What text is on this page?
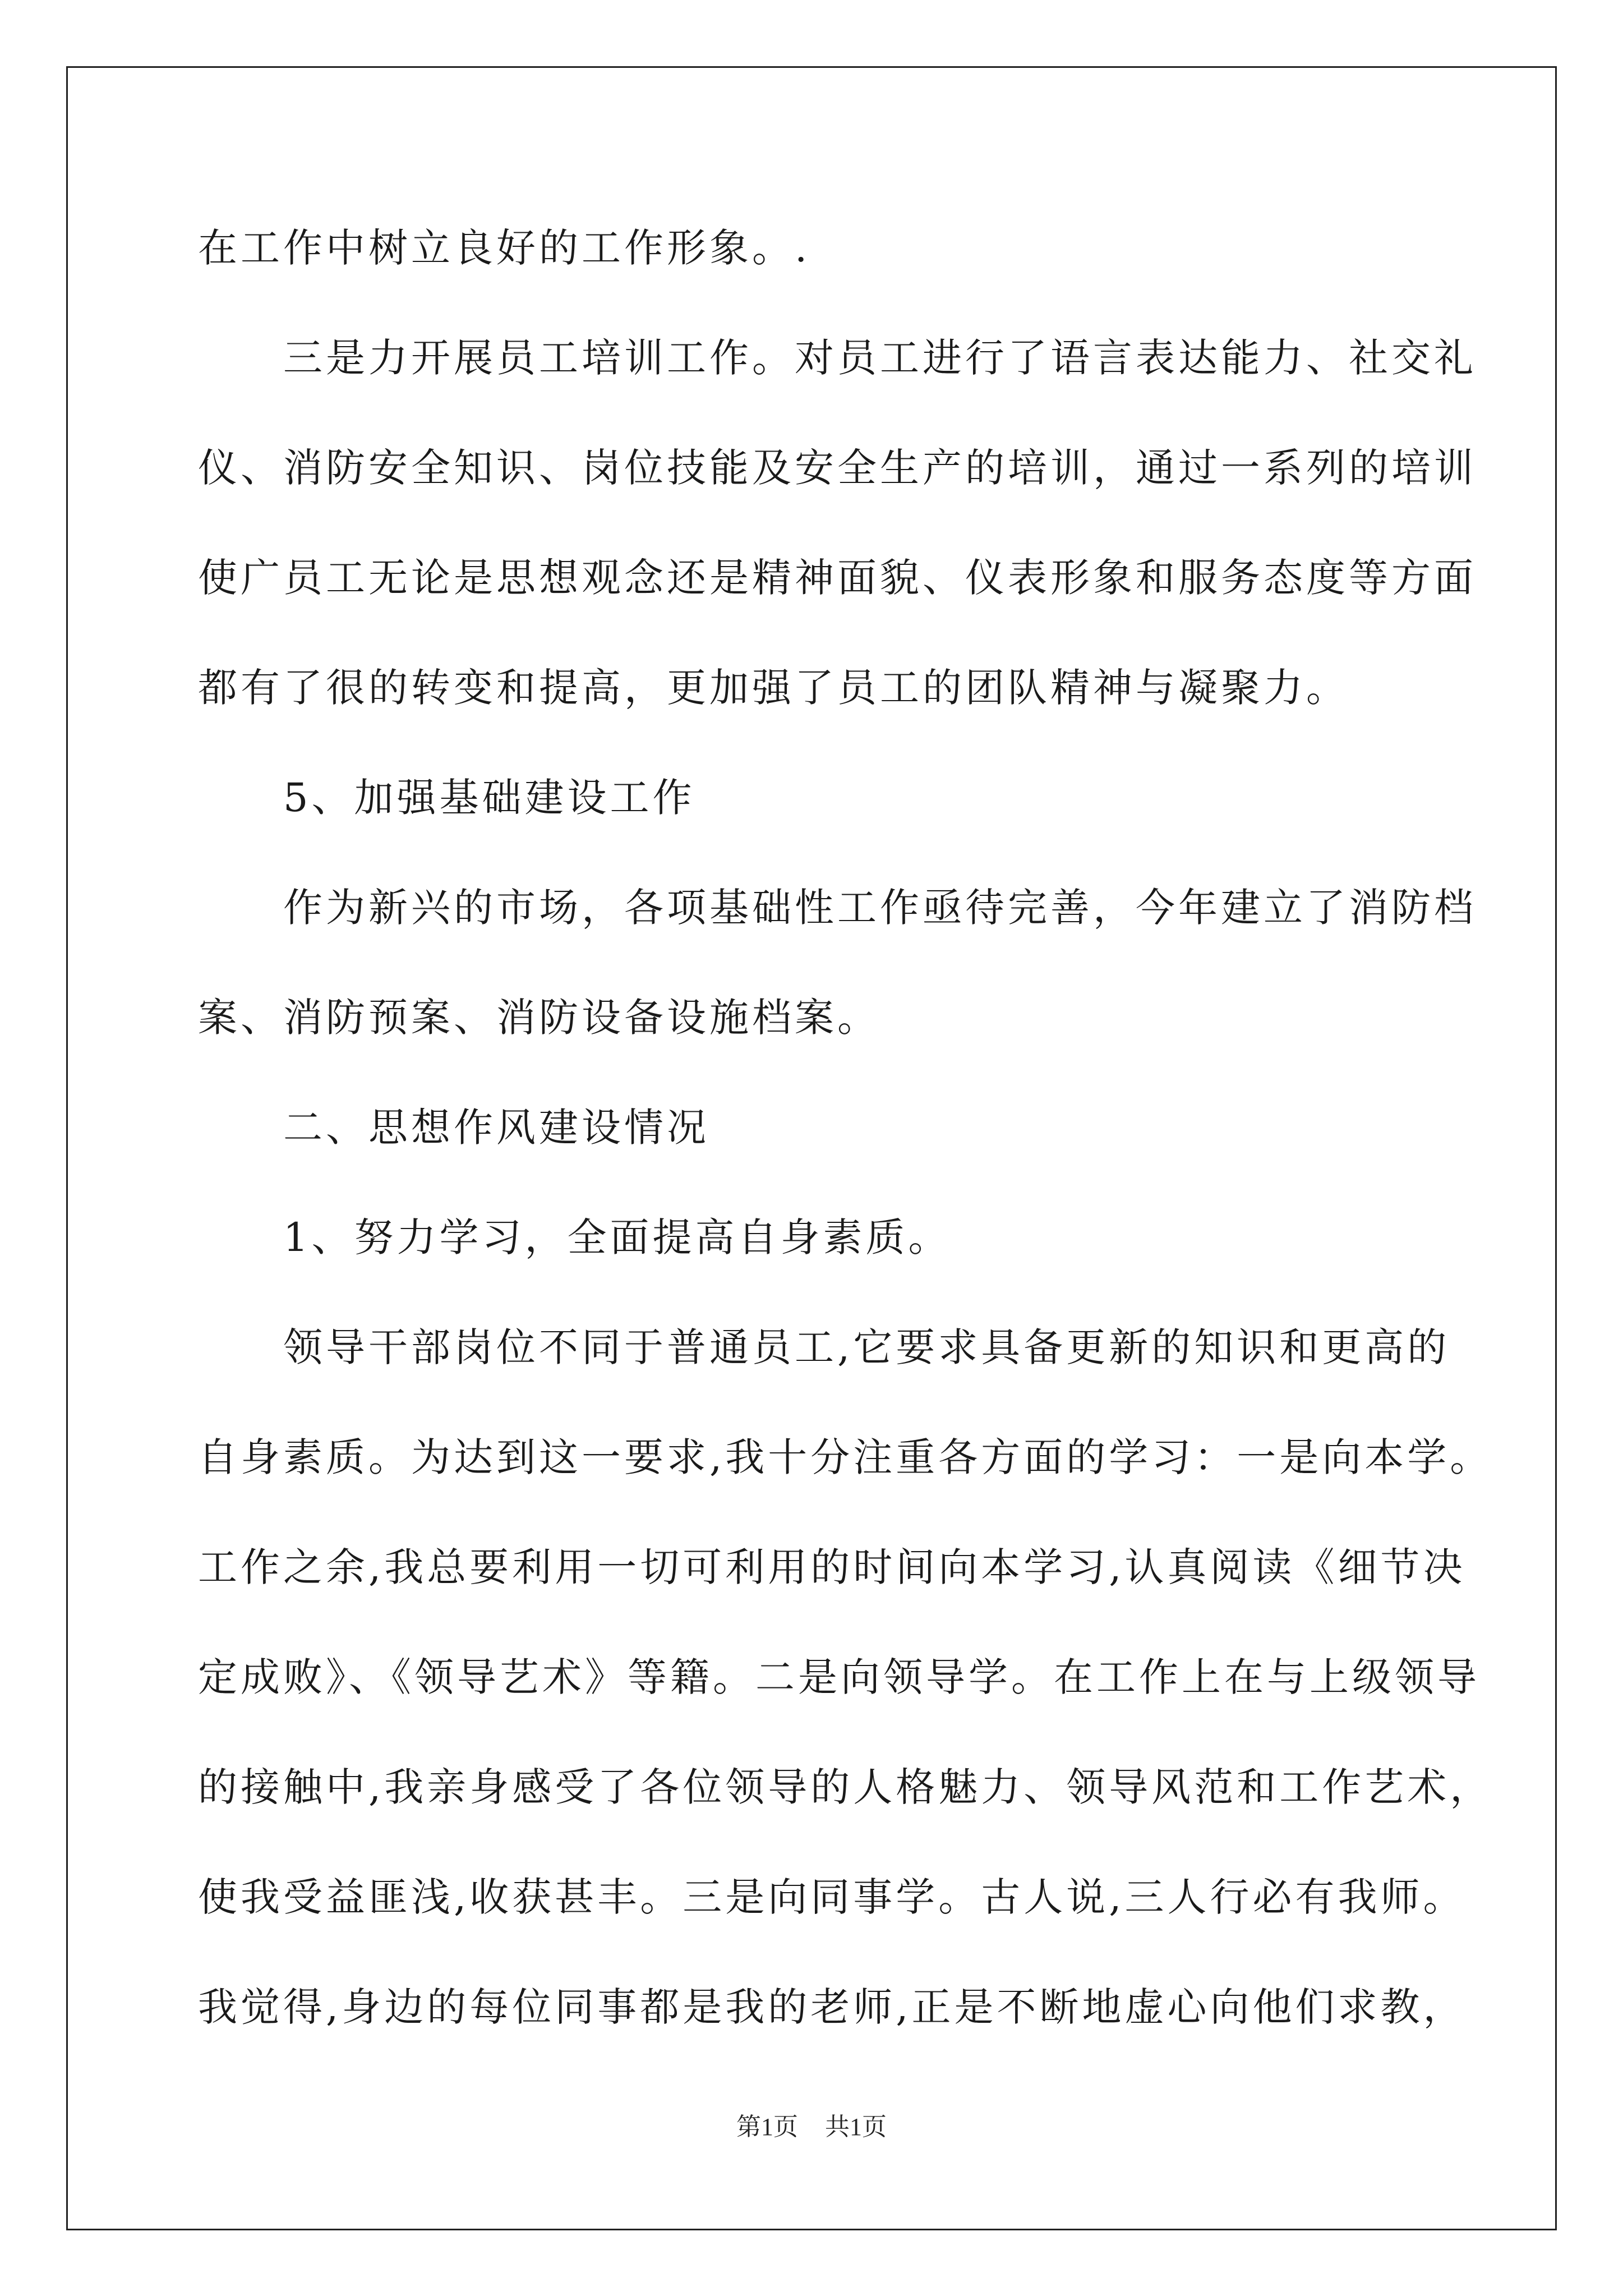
在工作中树立良好的工作形象。.
三是力开展员工培训工作。对员工进行了语言表达能力、社交礼
仪、消防安全知识、岗位技能及安全生产的培训，通过一系列的培训
使广员工无论是思想观念还是精神面貌、仪表形象和服务态度等方面
都有了很的转变和提高，更加强了员工的团队精神与凝聚力。
5、加强基础建设工作
作为新兴的市场，各项基础性工作亟待完善，今年建立了消防档
案、消防预案、消防设备设施档案。
二、思想作风建设情况
1、努力学习，全面提高自身素质。
领导干部岗位不同于普通员工,它要求具备更新的知识和更高的
自身素质。为达到这一要求,我十分注重各方面的学习：一是向本学。
工作之余,我总要利用一切可利用的时间向本学习,认真阅读《细节决
定成败》、《领导艺术》等籍。二是向领导学。在工作上在与上级领导
的接触中,我亲身感受了各位领导的人格魅力、领导风范和工作艺术，
使我受益匪浅,收获甚丰。三是向同事学。古人说,三人行必有我师。
我觉得,身边的每位同事都是我的老师,正是不断地虚心向他们求教，
第1页 共1页
